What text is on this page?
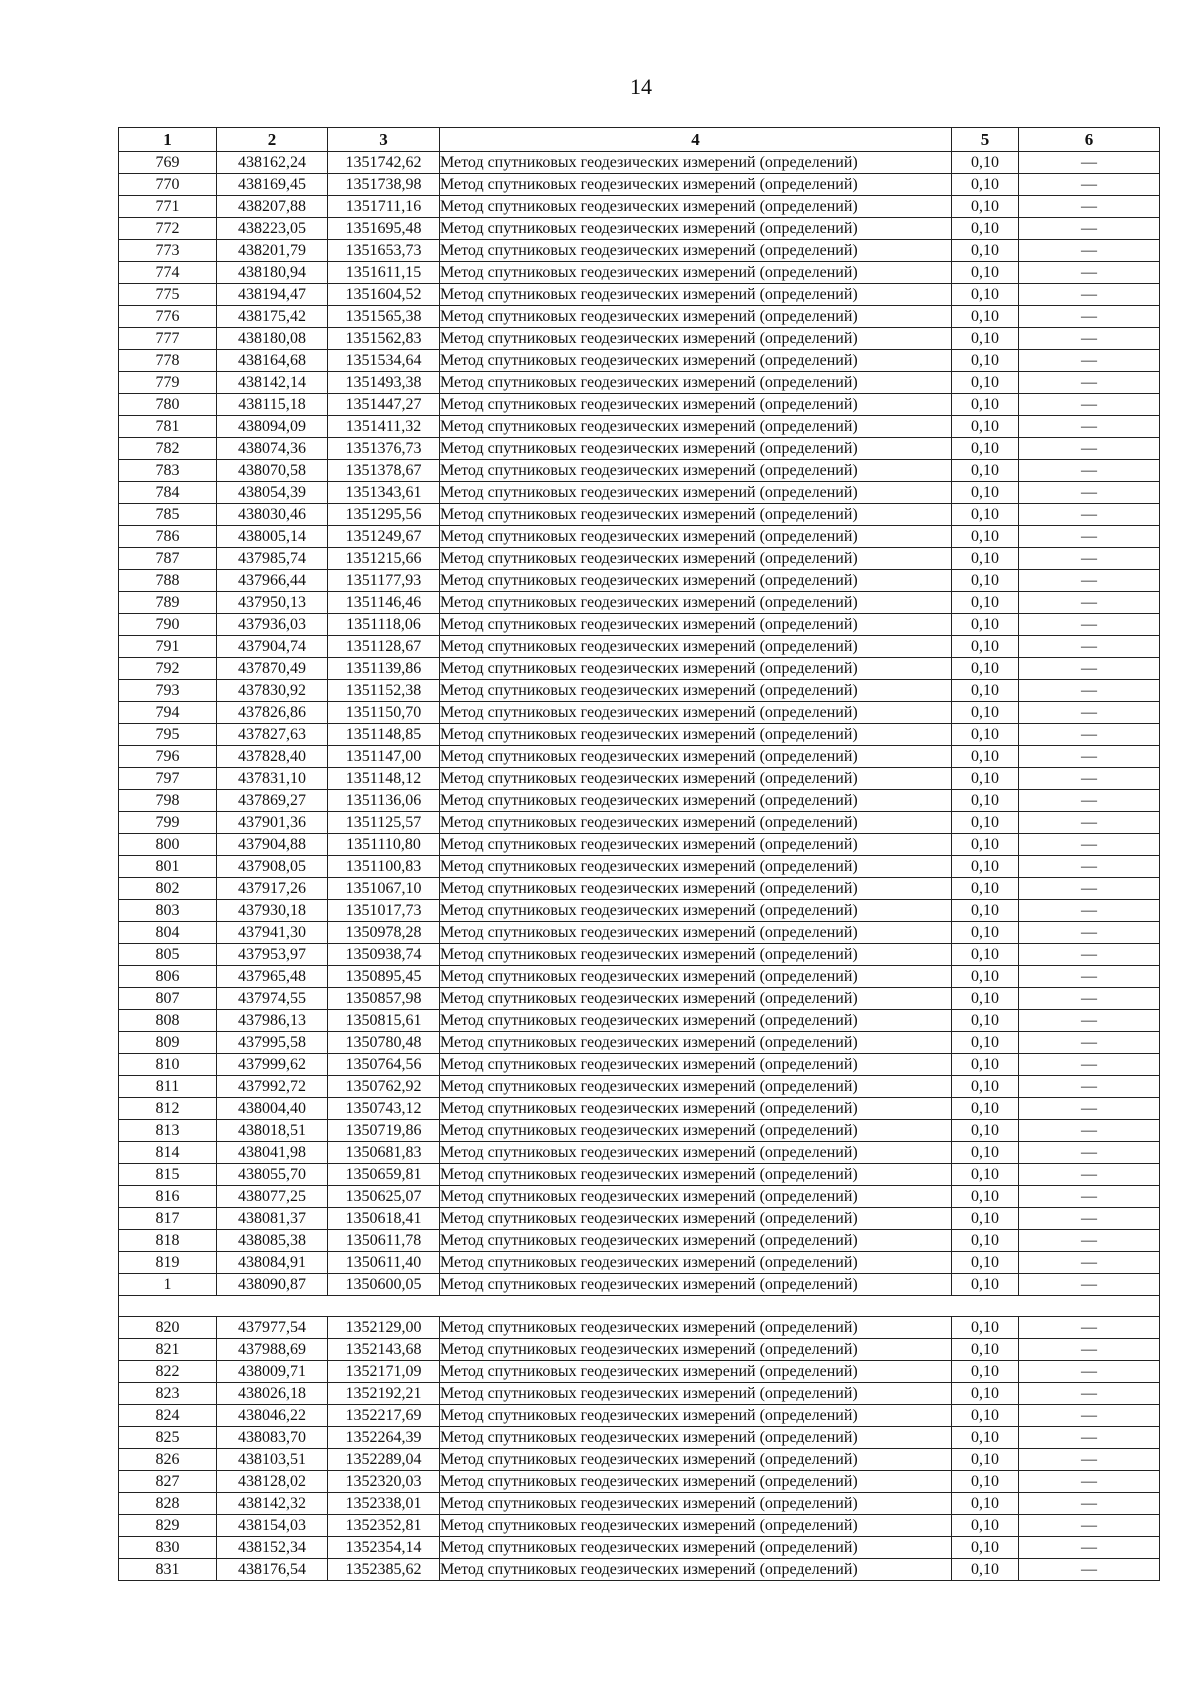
14
1	2	3	4	5	6
769	438162,24	1351742,62	Метод спутниковых геодезических измерений (определений)	0,10	—
770	438169,45	1351738,98	Метод спутниковых геодезических измерений (определений)	0,10	—
771	438207,88	1351711,16	Метод спутниковых геодезических измерений (определений)	0,10	—
772	438223,05	1351695,48	Метод спутниковых геодезических измерений (определений)	0,10	—
773	438201,79	1351653,73	Метод спутниковых геодезических измерений (определений)	0,10	—
774	438180,94	1351611,15	Метод спутниковых геодезических измерений (определений)	0,10	—
775	438194,47	1351604,52	Метод спутниковых геодезических измерений (определений)	0,10	—
776	438175,42	1351565,38	Метод спутниковых геодезических измерений (определений)	0,10	—
777	438180,08	1351562,83	Метод спутниковых геодезических измерений (определений)	0,10	—
778	438164,68	1351534,64	Метод спутниковых геодезических измерений (определений)	0,10	—
779	438142,14	1351493,38	Метод спутниковых геодезических измерений (определений)	0,10	—
780	438115,18	1351447,27	Метод спутниковых геодезических измерений (определений)	0,10	—
781	438094,09	1351411,32	Метод спутниковых геодезических измерений (определений)	0,10	—
782	438074,36	1351376,73	Метод спутниковых геодезических измерений (определений)	0,10	—
783	438070,58	1351378,67	Метод спутниковых геодезических измерений (определений)	0,10	—
784	438054,39	1351343,61	Метод спутниковых геодезических измерений (определений)	0,10	—
785	438030,46	1351295,56	Метод спутниковых геодезических измерений (определений)	0,10	—
786	438005,14	1351249,67	Метод спутниковых геодезических измерений (определений)	0,10	—
787	437985,74	1351215,66	Метод спутниковых геодезических измерений (определений)	0,10	—
788	437966,44	1351177,93	Метод спутниковых геодезических измерений (определений)	0,10	—
789	437950,13	1351146,46	Метод спутниковых геодезических измерений (определений)	0,10	—
790	437936,03	1351118,06	Метод спутниковых геодезических измерений (определений)	0,10	—
791	437904,74	1351128,67	Метод спутниковых геодезических измерений (определений)	0,10	—
792	437870,49	1351139,86	Метод спутниковых геодезических измерений (определений)	0,10	—
793	437830,92	1351152,38	Метод спутниковых геодезических измерений (определений)	0,10	—
794	437826,86	1351150,70	Метод спутниковых геодезических измерений (определений)	0,10	—
795	437827,63	1351148,85	Метод спутниковых геодезических измерений (определений)	0,10	—
796	437828,40	1351147,00	Метод спутниковых геодезических измерений (определений)	0,10	—
797	437831,10	1351148,12	Метод спутниковых геодезических измерений (определений)	0,10	—
798	437869,27	1351136,06	Метод спутниковых геодезических измерений (определений)	0,10	—
799	437901,36	1351125,57	Метод спутниковых геодезических измерений (определений)	0,10	—
800	437904,88	1351110,80	Метод спутниковых геодезических измерений (определений)	0,10	—
801	437908,05	1351100,83	Метод спутниковых геодезических измерений (определений)	0,10	—
802	437917,26	1351067,10	Метод спутниковых геодезических измерений (определений)	0,10	—
803	437930,18	1351017,73	Метод спутниковых геодезических измерений (определений)	0,10	—
804	437941,30	1350978,28	Метод спутниковых геодезических измерений (определений)	0,10	—
805	437953,97	1350938,74	Метод спутниковых геодезических измерений (определений)	0,10	—
806	437965,48	1350895,45	Метод спутниковых геодезических измерений (определений)	0,10	—
807	437974,55	1350857,98	Метод спутниковых геодезических измерений (определений)	0,10	—
808	437986,13	1350815,61	Метод спутниковых геодезических измерений (определений)	0,10	—
809	437995,58	1350780,48	Метод спутниковых геодезических измерений (определений)	0,10	—
810	437999,62	1350764,56	Метод спутниковых геодезических измерений (определений)	0,10	—
811	437992,72	1350762,92	Метод спутниковых геодезических измерений (определений)	0,10	—
812	438004,40	1350743,12	Метод спутниковых геодезических измерений (определений)	0,10	—
813	438018,51	1350719,86	Метод спутниковых геодезических измерений (определений)	0,10	—
814	438041,98	1350681,83	Метод спутниковых геодезических измерений (определений)	0,10	—
815	438055,70	1350659,81	Метод спутниковых геодезических измерений (определений)	0,10	—
816	438077,25	1350625,07	Метод спутниковых геодезических измерений (определений)	0,10	—
817	438081,37	1350618,41	Метод спутниковых геодезических измерений (определений)	0,10	—
818	438085,38	1350611,78	Метод спутниковых геодезических измерений (определений)	0,10	—
819	438084,91	1350611,40	Метод спутниковых геодезических измерений (определений)	0,10	—
1	438090,87	1350600,05	Метод спутниковых геодезических измерений (определений)	0,10	—

820	437977,54	1352129,00	Метод спутниковых геодезических измерений (определений)	0,10	—
821	437988,69	1352143,68	Метод спутниковых геодезических измерений (определений)	0,10	—
822	438009,71	1352171,09	Метод спутниковых геодезических измерений (определений)	0,10	—
823	438026,18	1352192,21	Метод спутниковых геодезических измерений (определений)	0,10	—
824	438046,22	1352217,69	Метод спутниковых геодезических измерений (определений)	0,10	—
825	438083,70	1352264,39	Метод спутниковых геодезических измерений (определений)	0,10	—
826	438103,51	1352289,04	Метод спутниковых геодезических измерений (определений)	0,10	—
827	438128,02	1352320,03	Метод спутниковых геодезических измерений (определений)	0,10	—
828	438142,32	1352338,01	Метод спутниковых геодезических измерений (определений)	0,10	—
829	438154,03	1352352,81	Метод спутниковых геодезических измерений (определений)	0,10	—
830	438152,34	1352354,14	Метод спутниковых геодезических измерений (определений)	0,10	—
831	438176,54	1352385,62	Метод спутниковых геодезических измерений (определений)	0,10	—
